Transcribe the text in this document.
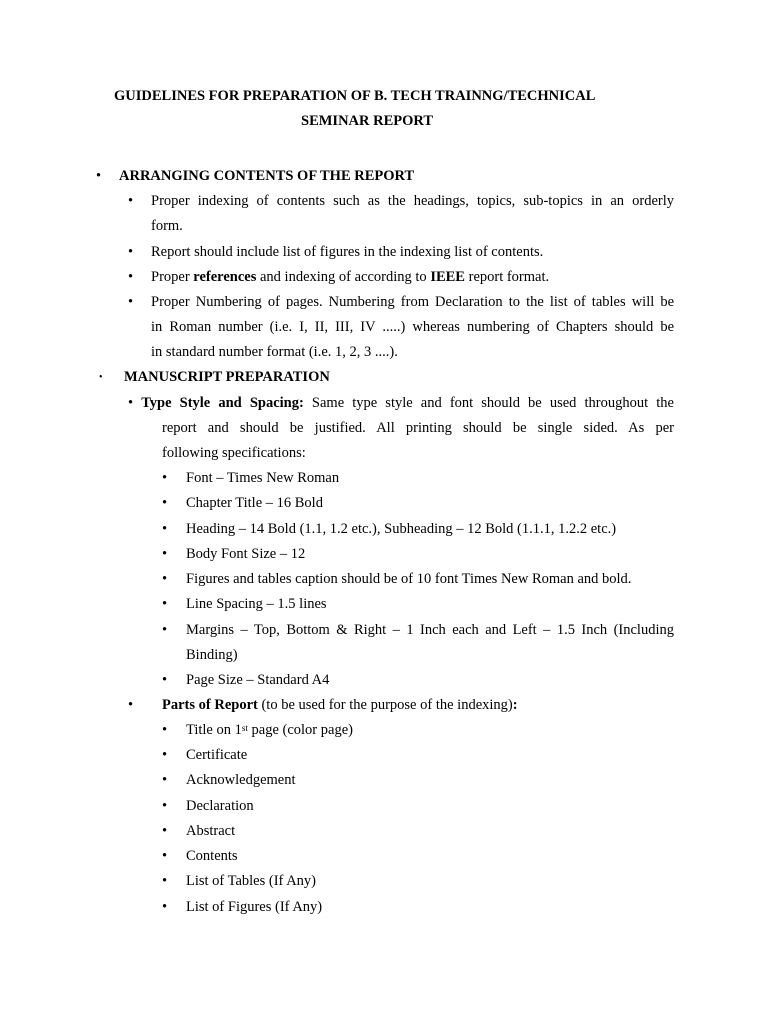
GUIDELINES FOR PREPARATION OF B. TECH TRAINNG/TECHNICAL
SEMINAR REPORT
• ARRANGING CONTENTS OF THE REPORT
• Proper indexing of contents such as the headings, topics, sub-topics in an orderly
form.
• Report should include list of figures in the indexing list of contents.
• Proper references and indexing of according to IEEE report format.
• Proper Numbering of pages. Numbering from Declaration to the list of tables will be
in Roman number (i.e. I, II, III, IV .....) whereas numbering of Chapters should be
in standard number format (i.e. 1, 2, 3 ....).
• MANUSCRIPT PREPARATION
• Type Style and Spacing: Same type style and font should be used throughout the
report and should be justified. All printing should be single sided. As per
following specifications:
• Font – Times New Roman
• Chapter Title – 16 Bold
• Heading – 14 Bold (1.1, 1.2 etc.), Subheading – 12 Bold (1.1.1, 1.2.2 etc.)
• Body Font Size – 12
• Figures and tables caption should be of 10 font Times New Roman and bold.
• Line Spacing – 1.5 lines
• Margins – Top, Bottom & Right – 1 Inch each and Left – 1.5 Inch (Including
Binding)
• Page Size – Standard A4
• Parts of Report (to be used for the purpose of the indexing):
• Title on 1st page (color page)
• Certificate
• Acknowledgement
• Declaration
• Abstract
• Contents
• List of Tables (If Any)
• List of Figures (If Any)
